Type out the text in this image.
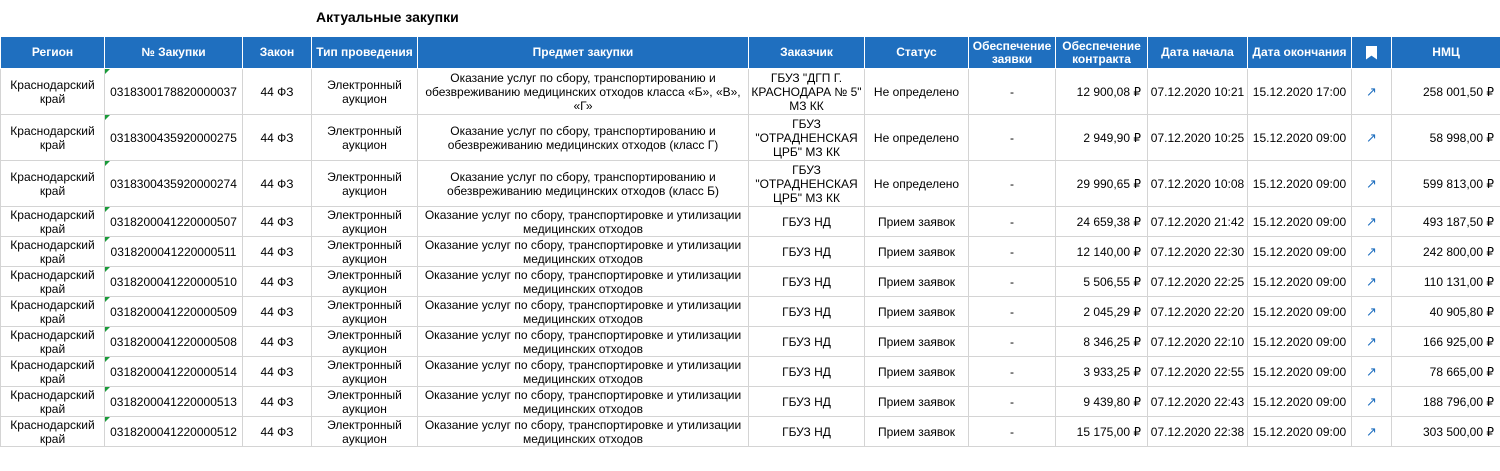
Актуальные закупки
Регион	№ Закупки	Закон	Тип проведения	Предмет закупки	Заказчик	Статус	Обеспечение заявки	Обеспечение контракта	Дата начала	Дата окончания		НМЦ
Краснодарский край	0318300178820000037	44 ФЗ	Электронный аукцион	Оказание услуг по сбору, транспортированию и обезвреживанию медицинских отходов класса «Б», «В», «Г»	ГБУЗ "ДГП Г. КРАСНОДАРА № 5" МЗ КК	Не определено	-	12 900,08 ₽	07.12.2020 10:21	15.12.2020 17:00	↗	258 001,50 ₽
Краснодарский край	0318300435920000275	44 ФЗ	Электронный аукцион	Оказание услуг по сбору, транспортированию и обезвреживанию медицинских отходов (класс Г)	ГБУЗ "ОТРАДНЕНСКАЯ ЦРБ" МЗ КК	Не определено	-	2 949,90 ₽	07.12.2020 10:25	15.12.2020 09:00	↗	58 998,00 ₽
Краснодарский край	0318300435920000274	44 ФЗ	Электронный аукцион	Оказание услуг по сбору, транспортированию и обезвреживанию медицинских отходов (класс Б)	ГБУЗ "ОТРАДНЕНСКАЯ ЦРБ" МЗ КК	Не определено	-	29 990,65 ₽	07.12.2020 10:08	15.12.2020 09:00	↗	599 813,00 ₽
Краснодарский край	0318200041220000507	44 ФЗ	Электронный аукцион	Оказание услуг по сбору, транспортировке и утилизации медицинских отходов	ГБУЗ НД	Прием заявок	-	24 659,38 ₽	07.12.2020 21:42	15.12.2020 09:00	↗	493 187,50 ₽
Краснодарский край	0318200041220000511	44 ФЗ	Электронный аукцион	Оказание услуг по сбору, транспортировке и утилизации медицинских отходов	ГБУЗ НД	Прием заявок	-	12 140,00 ₽	07.12.2020 22:30	15.12.2020 09:00	↗	242 800,00 ₽
Краснодарский край	0318200041220000510	44 ФЗ	Электронный аукцион	Оказание услуг по сбору, транспортировке и утилизации медицинских отходов	ГБУЗ НД	Прием заявок	-	5 506,55 ₽	07.12.2020 22:25	15.12.2020 09:00	↗	110 131,00 ₽
Краснодарский край	0318200041220000509	44 ФЗ	Электронный аукцион	Оказание услуг по сбору, транспортировке и утилизации медицинских отходов	ГБУЗ НД	Прием заявок	-	2 045,29 ₽	07.12.2020 22:20	15.12.2020 09:00	↗	40 905,80 ₽
Краснодарский край	0318200041220000508	44 ФЗ	Электронный аукцион	Оказание услуг по сбору, транспортировке и утилизации медицинских отходов	ГБУЗ НД	Прием заявок	-	8 346,25 ₽	07.12.2020 22:10	15.12.2020 09:00	↗	166 925,00 ₽
Краснодарский край	0318200041220000514	44 ФЗ	Электронный аукцион	Оказание услуг по сбору, транспортировке и утилизации медицинских отходов	ГБУЗ НД	Прием заявок	-	3 933,25 ₽	07.12.2020 22:55	15.12.2020 09:00	↗	78 665,00 ₽
Краснодарский край	0318200041220000513	44 ФЗ	Электронный аукцион	Оказание услуг по сбору, транспортировке и утилизации медицинских отходов	ГБУЗ НД	Прием заявок	-	9 439,80 ₽	07.12.2020 22:43	15.12.2020 09:00	↗	188 796,00 ₽
Краснодарский край	0318200041220000512	44 ФЗ	Электронный аукцион	Оказание услуг по сбору, транспортировке и утилизации медицинских отходов	ГБУЗ НД	Прием заявок	-	15 175,00 ₽	07.12.2020 22:38	15.12.2020 09:00	↗	303 500,00 ₽
